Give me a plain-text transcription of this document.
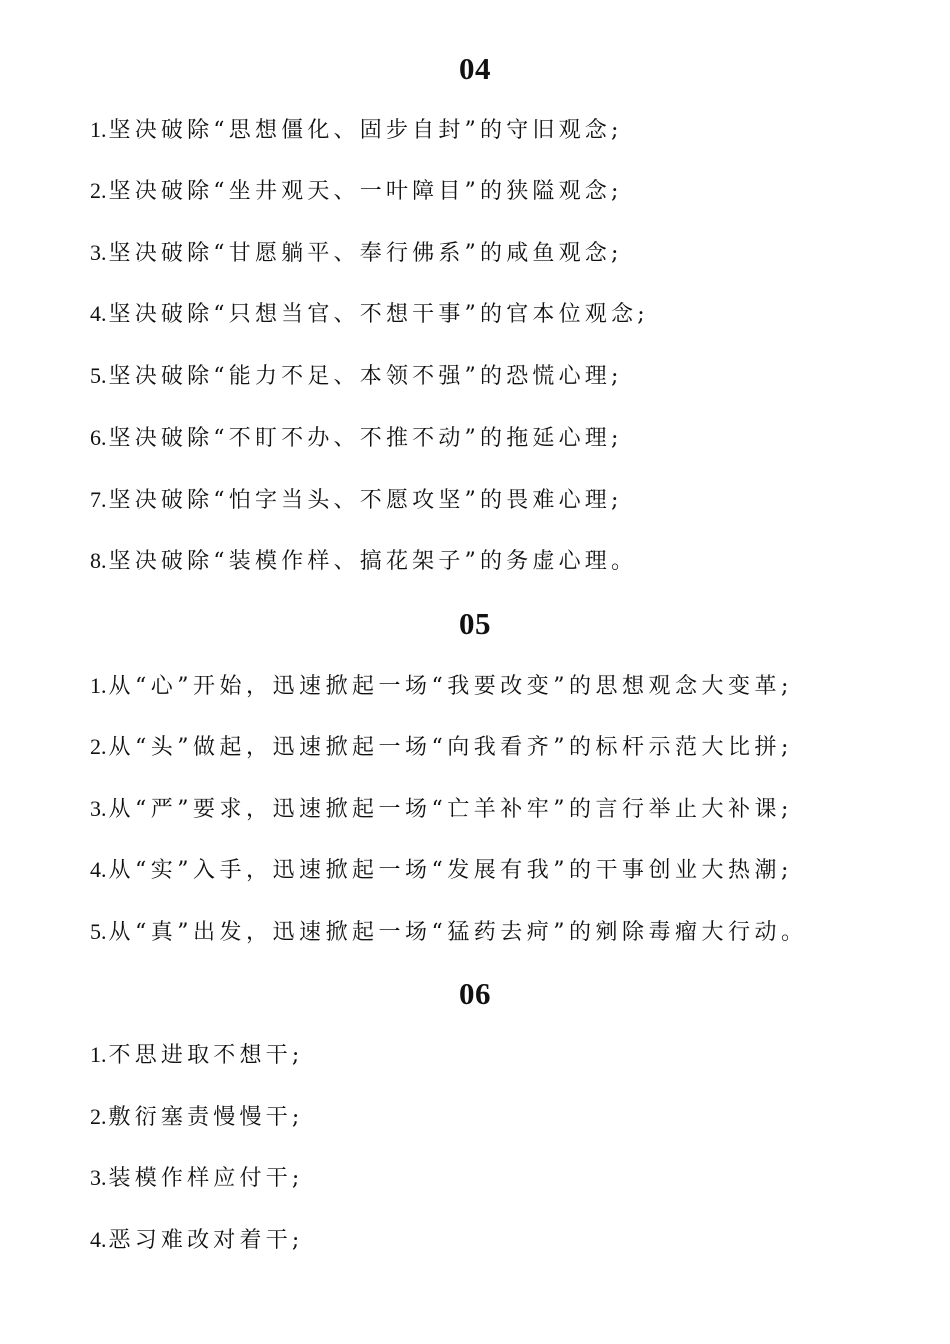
04
1.坚决破除“思想僵化、固步自封”的守旧观念;
2.坚决破除“坐井观天、一叶障目”的狭隘观念;
3.坚决破除“甘愿躺平、奉行佛系”的咸鱼观念;
4.坚决破除“只想当官、不想干事”的官本位观念;
5.坚决破除“能力不足、本领不强”的恐慌心理;
6.坚决破除“不盯不办、不推不动”的拖延心理;
7.坚决破除“怕字当头、不愿攻坚”的畏难心理;
8.坚决破除“装模作样、搞花架子”的务虚心理。
05
1.从“心”开始，迅速掀起一场“我要改变”的思想观念大变革;
2.从“头”做起，迅速掀起一场“向我看齐”的标杆示范大比拼;
3.从“严”要求，迅速掀起一场“亡羊补牢”的言行举止大补课;
4.从“实”入手，迅速掀起一场“发展有我”的干事创业大热潮;
5.从“真”出发，迅速掀起一场“猛药去疴”的剜除毒瘤大行动。
06
1.不思进取不想干;
2.敷衍塞责慢慢干;
3.装模作样应付干;
4.恶习难改对着干;
